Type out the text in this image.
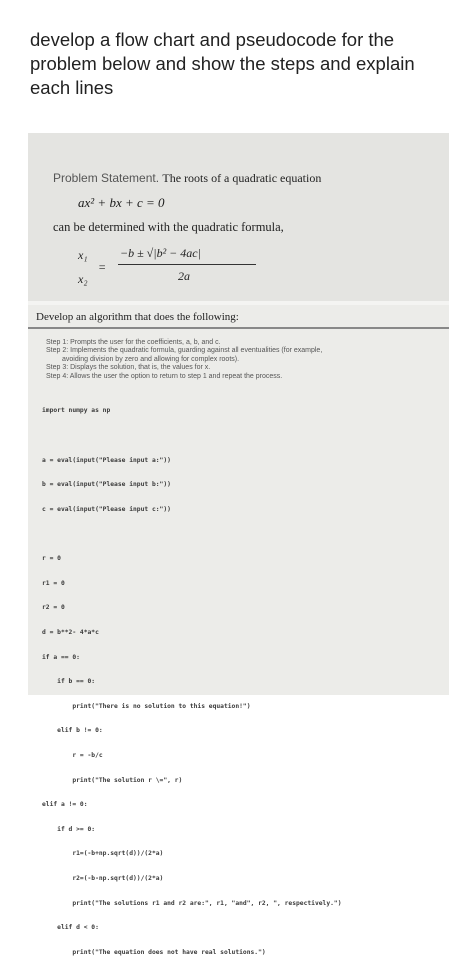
develop a flow chart and pseudocode for the problem below and show the steps and explain each lines
Problem Statement. The roots of a quadratic equation
ax² + bx + c = 0
can be determined with the quadratic formula,
x₁
=
x₂
−b ± √|b² − 4ac|
2a
Develop an algorithm that does the following:
Step 1: Prompts the user for the coefficients, a, b, and c.
Step 2: Implements the quadratic formula, guarding against all eventualities (for example,
avoiding division by zero and allowing for complex roots).
Step 3: Displays the solution, that is, the values for x.
Step 4: Allows the user the option to return to step 1 and repeat the process.

import numpy as np

a = eval(input("Please input a:"))

b = eval(input("Please input b:"))

c = eval(input("Please input c:"))

r = 0

r1 = 0

r2 = 0

d = b**2- 4*a*c

if a == 0:

if b == 0:

print("There is no solution to this equation!")

elif b != 0:

r = -b/c

print("The solution r \=", r)

elif a != 0:

if d >= 0:

r1=(-b+np.sqrt(d))/(2*a)

r2=(-b-np.sqrt(d))/(2*a)

print("The solutions r1 and r2 are:", r1, "and", r2, ", respectively.")

elif d < 0:

print("The equation does not have real solutions.")
